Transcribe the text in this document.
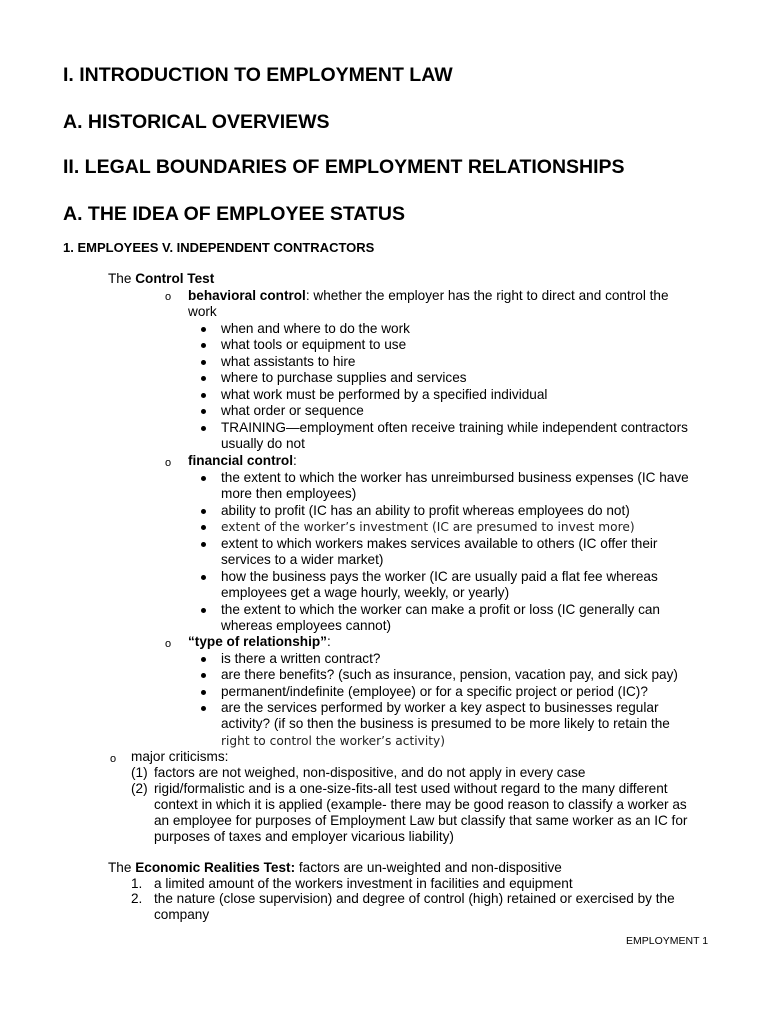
I. INTRODUCTION TO EMPLOYMENT LAW
A. HISTORICAL OVERVIEWS
II. LEGAL BOUNDARIES OF EMPLOYMENT RELATIONSHIPS
A. THE IDEA OF EMPLOYEE STATUS
1. EMPLOYEES V. INDEPENDENT CONTRACTORS

The Control Test

o behavioral control: whether the employer has the right to direct and control the

work

when and where to do the work

what tools or equipment to use

what assistants to hire

where to purchase supplies and services

what work must be performed by a specified individual

what order or sequence

TRAINING—employment often receive training while independent contractors

usually do not

o financial control:

the extent to which the worker has unreimbursed business expenses (IC have

more then employees)

ability to profit (IC has an ability to profit whereas employees do not)

extent of the worker’s investment (IC are presumed to invest more)

extent to which workers makes services available to others (IC offer their

services to a wider market)

how the business pays the worker (IC are usually paid a flat fee whereas

employees get a wage hourly, weekly, or yearly)

the extent to which the worker can make a profit or loss (IC generally can

whereas employees cannot)

o “type of relationship”:

is there a written contract?

are there benefits? (such as insurance, pension, vacation pay, and sick pay)

permanent/indefinite (employee) or for a specific project or period (IC)?

are the services performed by worker a key aspect to businesses regular

activity? (if so then the business is presumed to be more likely to retain the

right to control the worker’s activity)

o major criticisms:

(1) factors are not weighed, non-dispositive, and do not apply in every case

(2) rigid/formalistic and is a one-size-fits-all test used without regard to the many different

context in which it is applied (example- there may be good reason to classify a worker as

an employee for purposes of Employment Law but classify that same worker as an IC for

purposes of taxes and employer vicarious liability)

The Economic Realities Test: factors are un-weighted and non-dispositive

1. a limited amount of the workers investment in facilities and equipment

2. the nature (close supervision) and degree of control (high) retained or exercised by the

company

EMPLOYMENT 1
